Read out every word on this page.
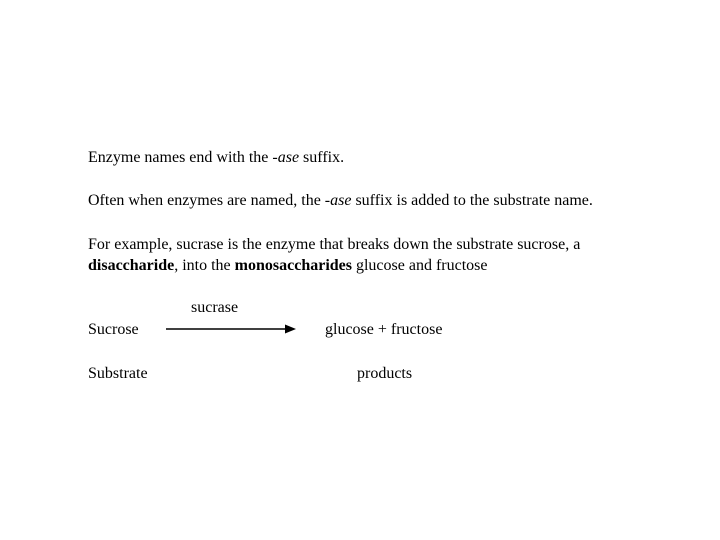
Enzyme names end with the -ase suffix.
Often when enzymes are named, the -ase suffix is added to the substrate name.
For example, sucrase is the enzyme that breaks down the substrate sucrose, a
disaccharide, into the monosaccharides glucose and fructose
sucrase
Sucrose	glucose + fructose
Substrate	products
